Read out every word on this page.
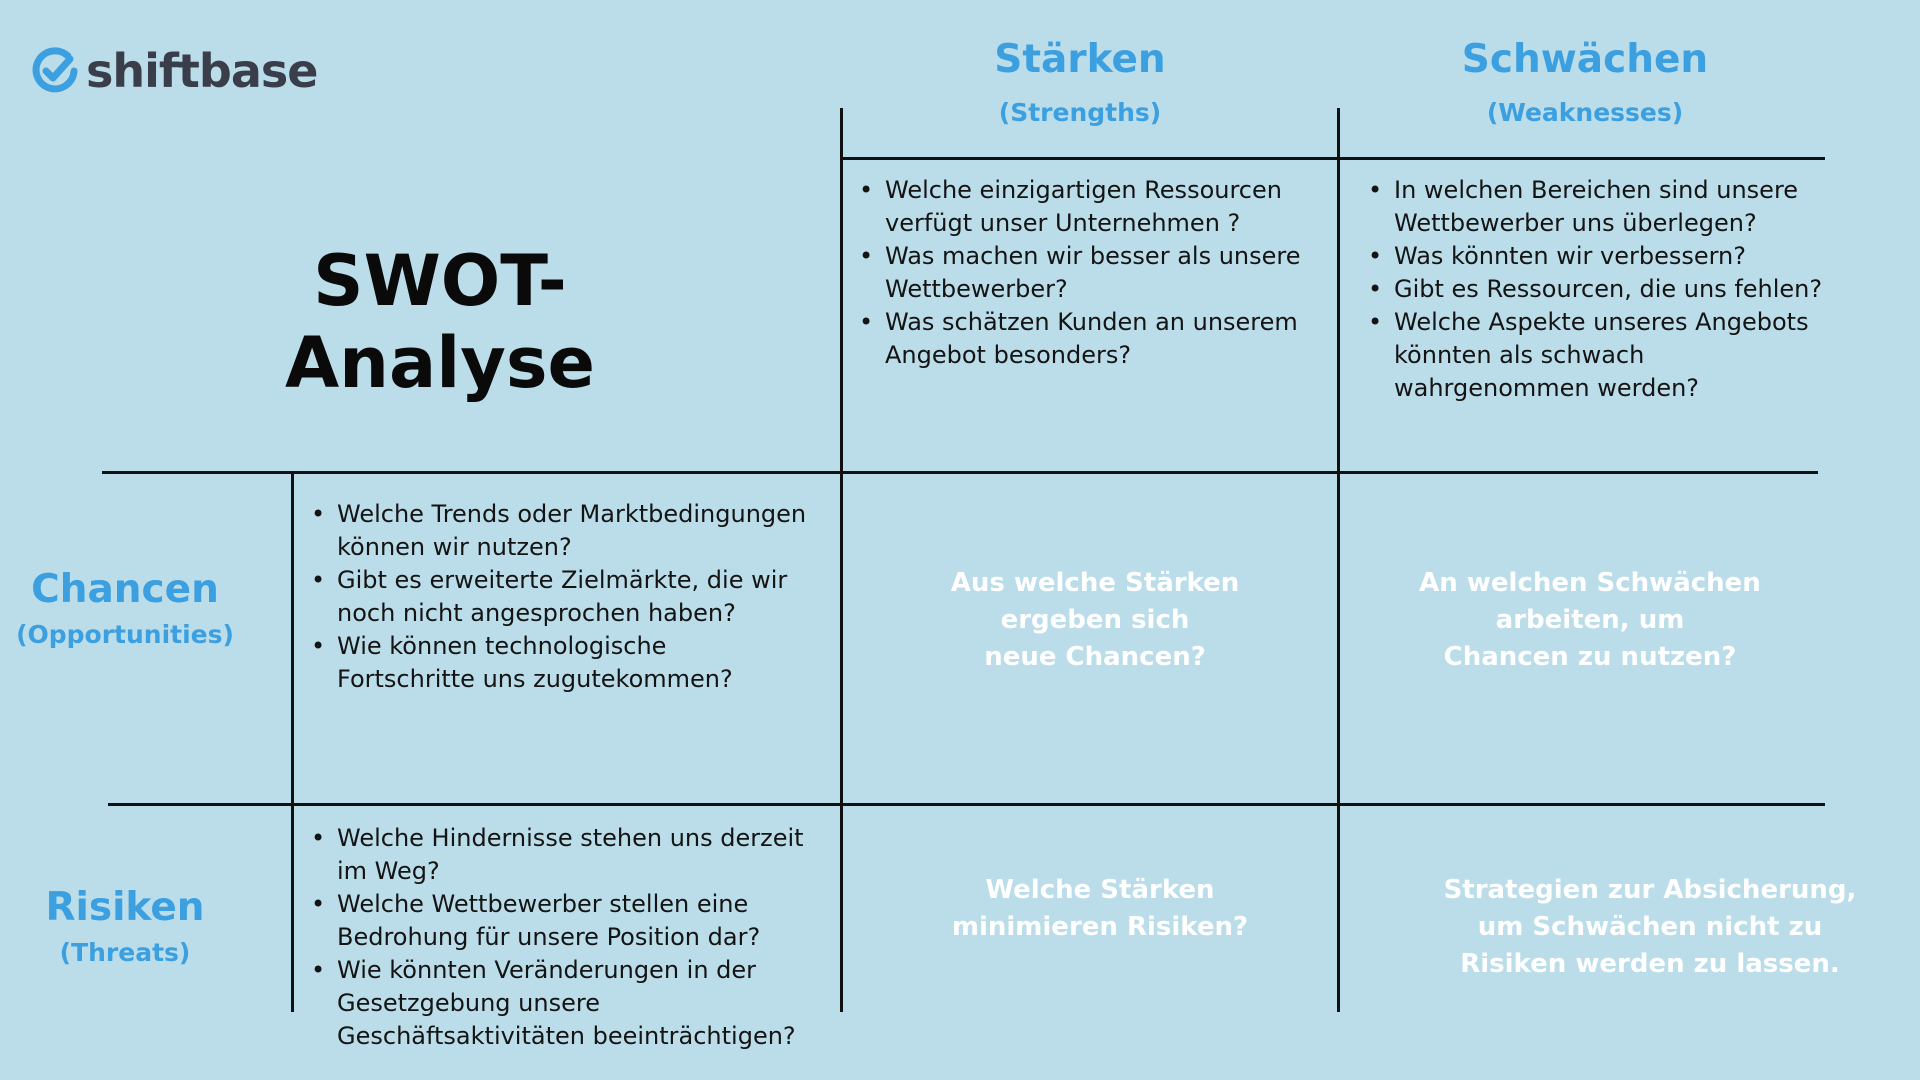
shiftbase
SWOT-Analyse
Stärken
(Strengths)
Schwächen
(Weaknesses)
Chancen
(Opportunities)
Risiken
(Threats)
• Welche einzigartigen Ressourcen verfügt unser Unternehmen ?
• Was machen wir besser als unsere Wettbewerber?
• Was schätzen Kunden an unserem Angebot besonders?
• In welchen Bereichen sind unsere Wettbewerber uns überlegen?
• Was könnten wir verbessern?
• Gibt es Ressourcen, die uns fehlen?
• Welche Aspekte unseres Angebots könnten als schwach wahrgenommen werden?
• Welche Trends oder Marktbedingungen können wir nutzen?
• Gibt es erweiterte Zielmärkte, die wir noch nicht angesprochen haben?
• Wie können technologische Fortschritte uns zugutekommen?
• Welche Hindernisse stehen uns derzeit im Weg?
• Welche Wettbewerber stellen eine Bedrohung für unsere Position dar?
• Wie könnten Veränderungen in der Gesetzgebung unsere Geschäftsaktivitäten beeinträchtigen?
Aus welche Stärken
ergeben sich
neue Chancen?
An welchen Schwächen
arbeiten, um
Chancen zu nutzen?
Welche Stärken
minimieren Risiken?
Strategien zur Absicherung,
um Schwächen nicht zu
Risiken werden zu lassen.
